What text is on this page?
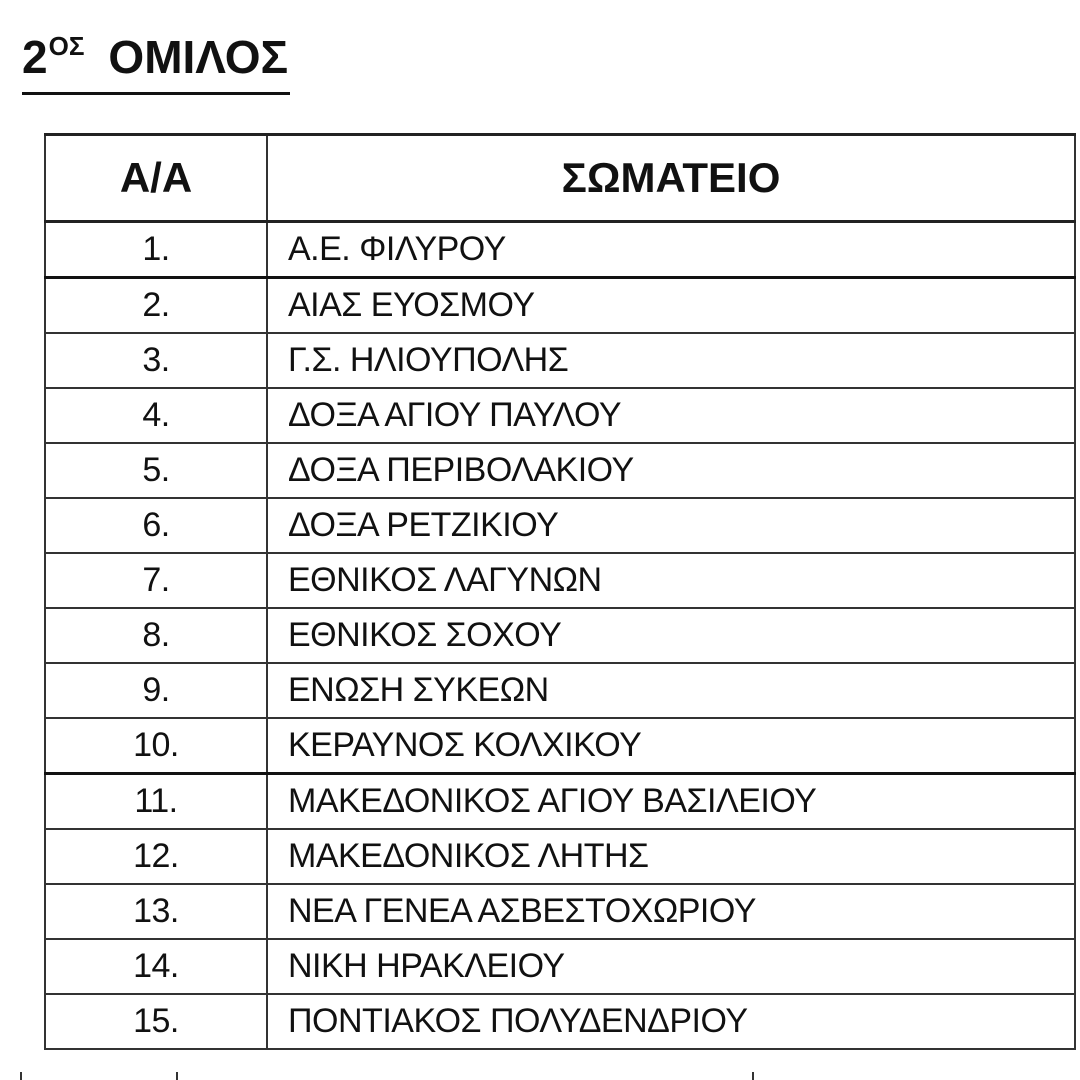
$2^{O\Sigma}$ ΟΜΙΛΟΣ
Α/Α	ΣΩΜΑΤΕΙΟ
1.	Α.Ε. ΦΙΛΥΡΟΥ
2.	ΑΙΑΣ ΕΥΟΣΜΟΥ
3.	Γ.Σ. ΗΛΙΟΥΠΟΛΗΣ
4.	ΔΟΞΑ ΑΓΙΟΥ ΠΑΥΛΟΥ
5.	ΔΟΞΑ ΠΕΡΙΒΟΛΑΚΙΟΥ
6.	ΔΟΞΑ ΡΕΤΖΙΚΙΟΥ
7.	ΕΘΝΙΚΟΣ ΛΑΓΥΝΩΝ
8.	ΕΘΝΙΚΟΣ ΣΟΧΟΥ
9.	ΕΝΩΣΗ ΣΥΚΕΩΝ
10.	ΚΕΡΑΥΝΟΣ ΚΟΛΧΙΚΟΥ
11.	ΜΑΚΕΔΟΝΙΚΟΣ ΑΓΙΟΥ ΒΑΣΙΛΕΙΟΥ
12.	ΜΑΚΕΔΟΝΙΚΟΣ ΛΗΤΗΣ
13.	ΝΕΑ ΓΕΝΕΑ ΑΣΒΕΣΤΟΧΩΡΙΟΥ
14.	ΝΙΚΗ ΗΡΑΚΛΕΙΟΥ
15.	ΠΟΝΤΙΑΚΟΣ ΠΟΛΥΔΕΝΔΡΙΟΥ
